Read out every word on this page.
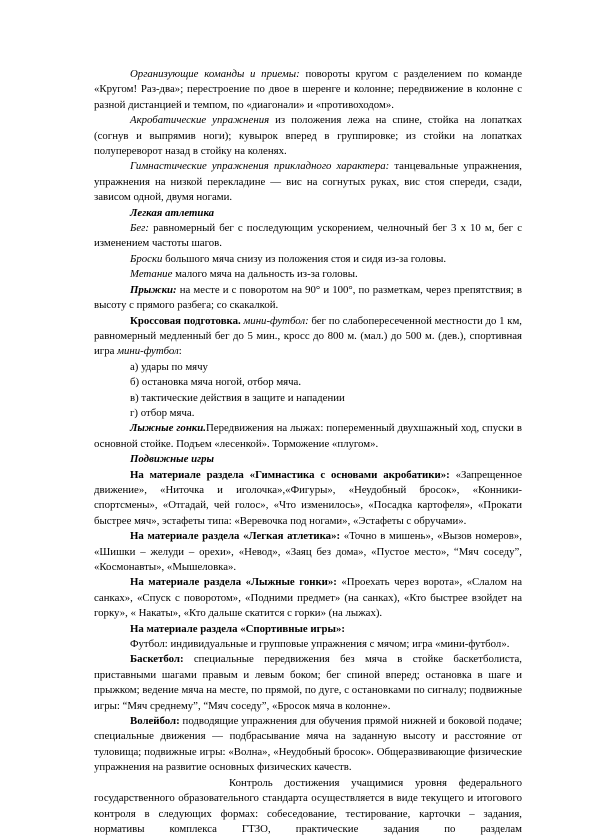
Организующие команды и приемы: повороты кругом с разделением по команде «Кругом! Раз-два»; перестроение по двое в шеренге и колонне; передвижение в колонне с разной дистанцией и темпом, по «диагонали» и «противоходом».

Акробатические упражнения из положения лежа на спине, стойка на лопатках (согнув и выпрямив ноги); кувырок вперед в группировке; из стойки на лопатках полупереворот назад в стойку на коленях.

Гимнастические упражнения прикладного характера: танцевальные упражнения, упражнения на низкой перекладине — вис на согнутых руках, вис стоя спереди, сзади, зависом одной, двумя ногами.

Легкая атлетика

Бег: равномерный бег с последующим ускорением, челночный бег 3 х 10 м, бег с изменением частоты шагов.

Броски большого мяча снизу из положения стоя и сидя из-за головы.

Метание малого мяча на дальность из-за головы.

Прыжки: на месте и с поворотом на 90° и 100°, по разметкам, через препятствия; в высоту с прямого разбега; со скакалкой.

Кроссовая подготовка. мини-футбол: бег по слабопересеченной местности до 1 км, равномерный медленный бег до 5 мин., кросс до 800 м. (мал.) до 500 м. (дев.), спортивная игра мини-футбол:

а) удары по мячу

б) остановка мяча ногой, отбор мяча.

в) тактические действия в защите и нападении

г) отбор мяча.

Лыжные гонки.Передвижения на лыжах: попеременный двухшажный ход, спуски в основной стойке. Подъем «лесенкой». Торможение «плугом».

Подвижные игры

На материале раздела «Гимнастика с основами акробатики»: «Запрещенное движение», «Ниточка и иголочка»,«Фигуры», «Неудобный бросок», «Конники-спортсмены», «Отгадай, чей голос», «Что изменилось», «Посадка картофеля», «Прокати быстрее мяч», эстафеты типа: «Веревочка под ногами», «Эстафеты с обручами».

На материале раздела «Легкая атлетика»: «Точно в мишень», «Вызов номеров», «Шишки – желуди – орехи», «Невод», «Заяц без дома», «Пустое место», “Мяч соседу”, «Космонавты», «Мышеловка».

На материале раздела «Лыжные гонки»: «Проехать через ворота», «Слалом на санках», «Спуск с поворотом», «Подними предмет» (на санках), «Кто быстрее взойдет на горку», « Накаты», «Кто дальше скатится с горки» (на лыжах).

На материале раздела «Спортивные игры»:

Футбол: индивидуальные и групповые упражнения с мячом; игра «мини-футбол».

Баскетбол: специальные передвижения без мяча в стойке баскетболиста, приставными шагами правым и левым боком; бег спиной вперед; остановка в шаге и прыжком; ведение мяча на месте, по прямой, по дуге, с остановками по сигналу; подвижные игры: “Мяч среднему”, “Мяч соседу”, «Бросок мяча в колонне».

Волейбол: подводящие упражнения для обучения прямой нижней и боковой подаче; специальные движения — подбрасывание мяча на заданную высоту и расстояние от туловища; подвижные игры: «Волна», «Неудобный бросок». Общеразвивающие физические упражнения на развитие основных физических качеств.

Контроль достижения учащимися уровня федерального государственного образовательного стандарта осуществляется в виде текущего и итогового контроля в следующих формах: собеседование, тестирование, карточки – задания, нормативы комплекса ГТЗО, практические задания по разделам
